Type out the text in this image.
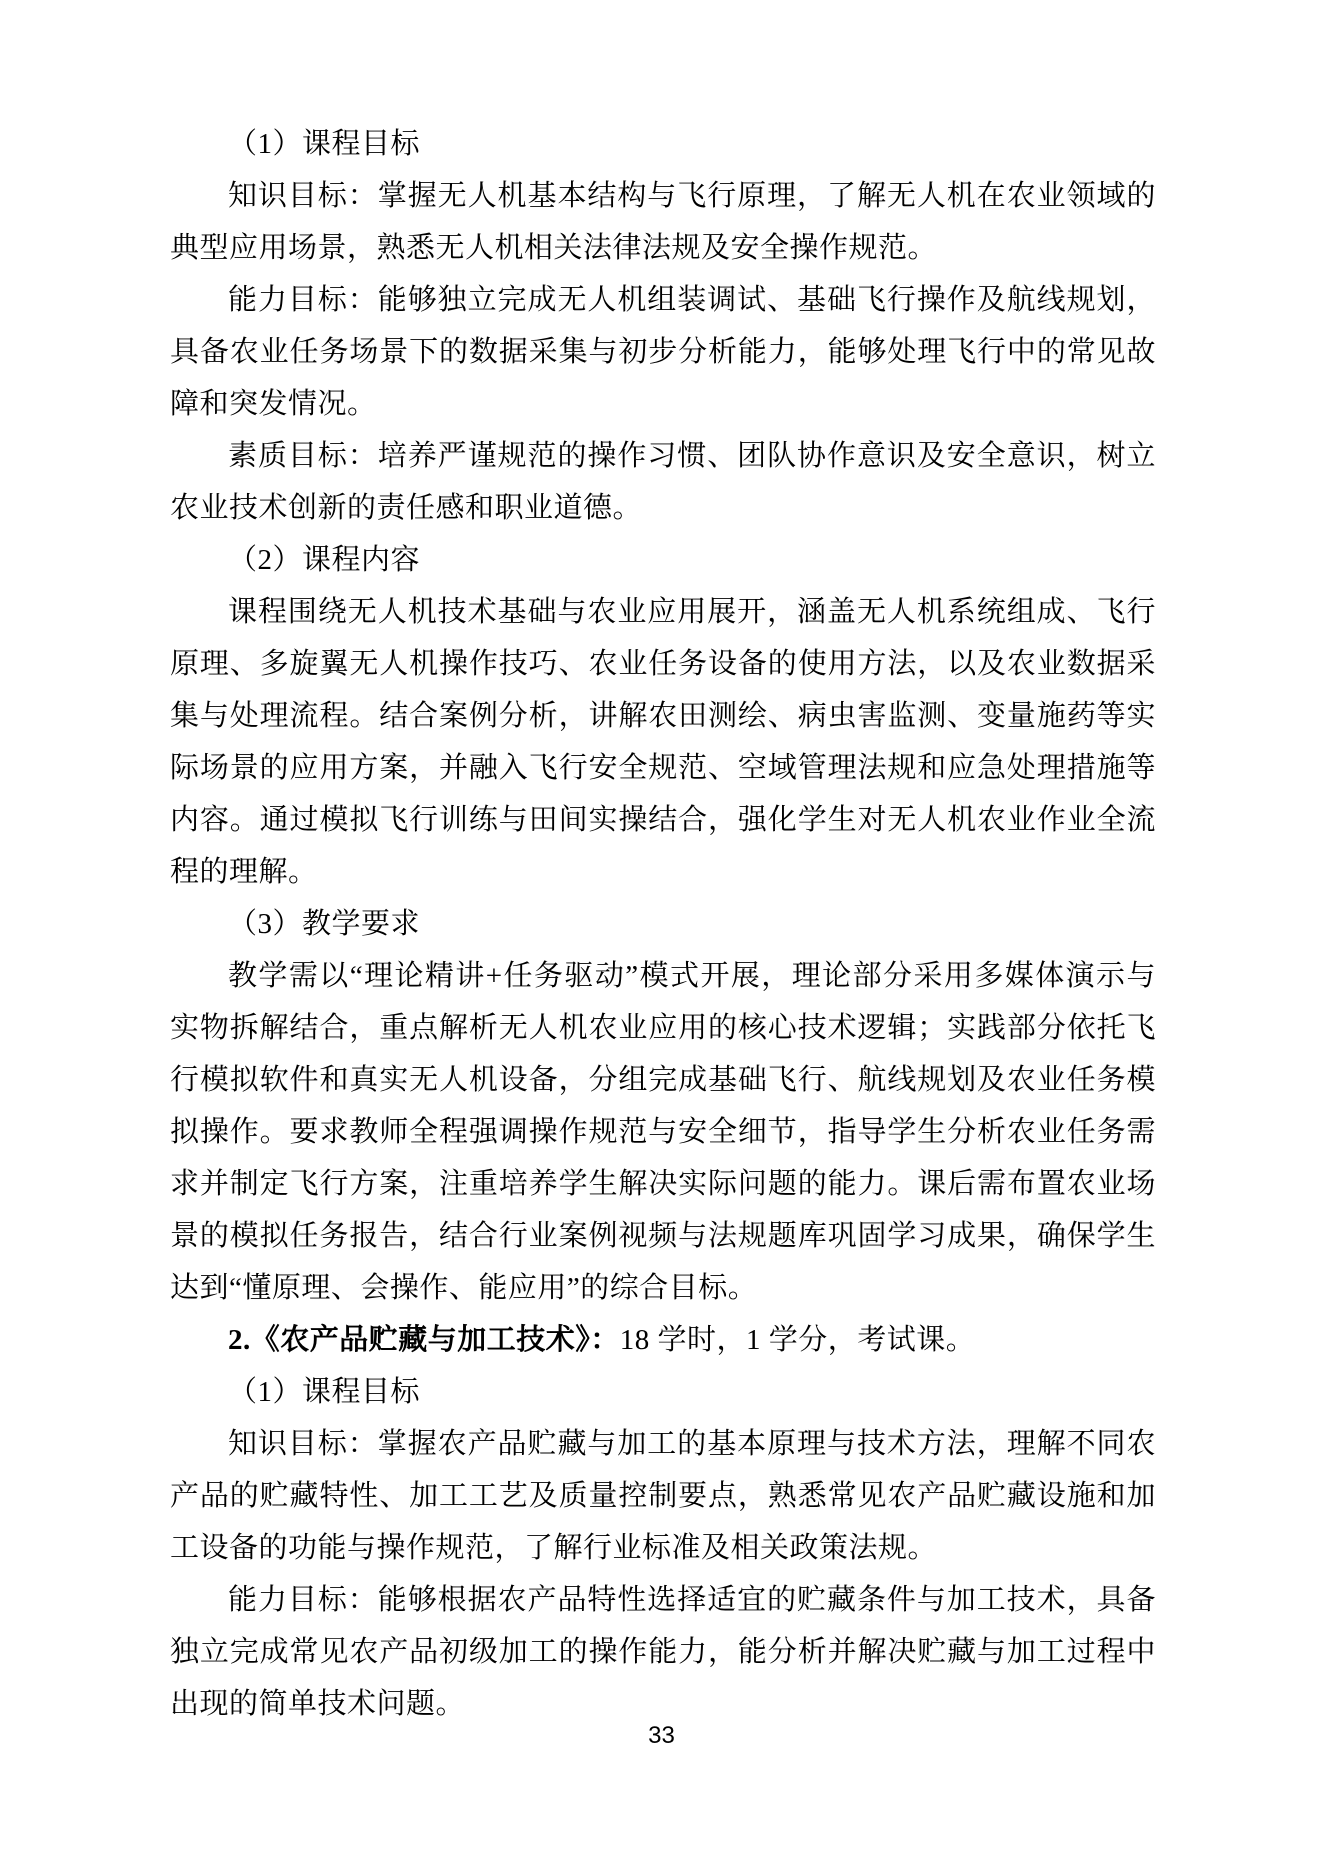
（1）课程目标

知识目标：掌握无人机基本结构与飞行原理，了解无人机在农业领域的典型应用场景，熟悉无人机相关法律法规及安全操作规范。

能力目标：能够独立完成无人机组装调试、基础飞行操作及航线规划，具备农业任务场景下的数据采集与初步分析能力，能够处理飞行中的常见故障和突发情况。

素质目标：培养严谨规范的操作习惯、团队协作意识及安全意识，树立农业技术创新的责任感和职业道德。

（2）课程内容

课程围绕无人机技术基础与农业应用展开，涵盖无人机系统组成、飞行原理、多旋翼无人机操作技巧、农业任务设备的使用方法，以及农业数据采集与处理流程。结合案例分析，讲解农田测绘、病虫害监测、变量施药等实际场景的应用方案，并融入飞行安全规范、空域管理法规和应急处理措施等内容。通过模拟飞行训练与田间实操结合，强化学生对无人机农业作业全流程的理解。

（3）教学要求

教学需以“理论精讲+任务驱动”模式开展，理论部分采用多媒体演示与实物拆解结合，重点解析无人机农业应用的核心技术逻辑；实践部分依托飞行模拟软件和真实无人机设备，分组完成基础飞行、航线规划及农业任务模拟操作。要求教师全程强调操作规范与安全细节，指导学生分析农业任务需求并制定飞行方案，注重培养学生解决实际问题的能力。课后需布置农业场景的模拟任务报告，结合行业案例视频与法规题库巩固学习成果，确保学生达到“懂原理、会操作、能应用”的综合目标。

2.《农产品贮藏与加工技术》：18 学时，1 学分，考试课。

（1）课程目标

知识目标：掌握农产品贮藏与加工的基本原理与技术方法，理解不同农产品的贮藏特性、加工工艺及质量控制要点，熟悉常见农产品贮藏设施和加工设备的功能与操作规范，了解行业标准及相关政策法规。

能力目标：能够根据农产品特性选择适宜的贮藏条件与加工技术，具备独立完成常见农产品初级加工的操作能力，能分析并解决贮藏与加工过程中出现的简单技术问题。

33
